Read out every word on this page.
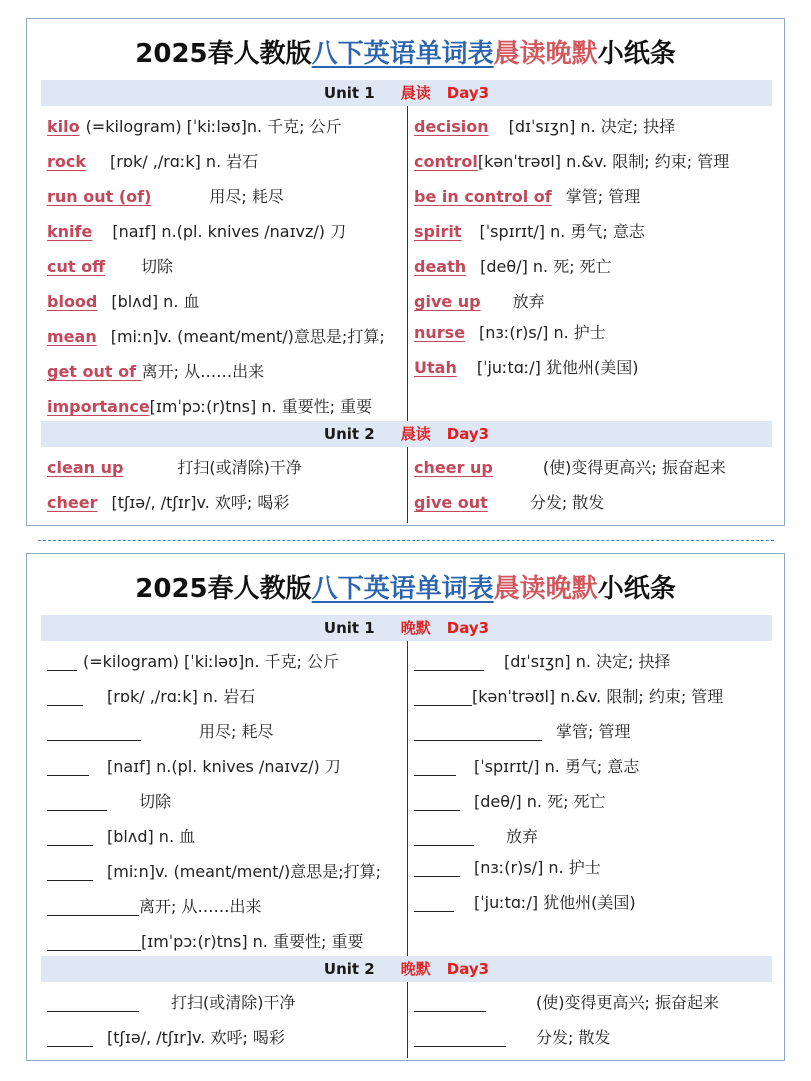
2025春人教版八下英语单词表晨读晚默小纸条
Unit 1 晨读 Day3
kilo (=kilogram) [ˈkiːləʊ]n. 千克; 公斤
rock [rɒk/ ,/rɑːk] n. 岩石
run out (of)	用尽; 耗尽
knife [naɪf] n.(pl. knives /naɪvz/) 刀
cut off 切除
blood [blʌd] n. 血
mean [miːn]v. (meant/ment/)意思是;打算;
get out of 离开; 从……出来
importance[ɪmˈpɔː(r)tns] n. 重要性; 重要
decision [dɪˈsɪʒn] n. 决定; 抉择
control[kənˈtrəʊl] n.&v. 限制; 约束; 管理
be in control of 掌管; 管理
spirit [ˈspɪrɪt/] n. 勇气; 意志
death [deθ/] n. 死; 死亡
give up 放弃
nurse [nɜː(r)s/] n. 护士
Utah [ˈjuːtɑː/] 犹他州(美国)
Unit 2 晨读 Day3
clean up	打扫(或清除)干净
cheer [tʃɪə/, /tʃɪr]v. 欢呼; 喝彩
cheer up	(使)变得更高兴; 振奋起来
give out	分发; 散发
2025春人教版八下英语单词表晨读晚默小纸条
Unit 1 晚默 Day3
(=kilogram) [ˈkiːləʊ]n. 千克; 公斤
[rɒk/ ,/rɑːk] n. 岩石
用尽; 耗尽
[naɪf] n.(pl. knives /naɪvz/) 刀
切除
[blʌd] n. 血
[miːn]v. (meant/ment/)意思是;打算;
离开; 从……出来
[ɪmˈpɔː(r)tns] n. 重要性; 重要
[dɪˈsɪʒn] n. 决定; 抉择
[kənˈtrəʊl] n.&v. 限制; 约束; 管理
掌管; 管理
[ˈspɪrɪt/] n. 勇气; 意志
[deθ/] n. 死; 死亡
放弃
[nɜː(r)s/] n. 护士
[ˈjuːtɑː/] 犹他州(美国)
Unit 2 晚默 Day3
打扫(或清除)干净
[tʃɪə/, /tʃɪr]v. 欢呼; 喝彩
(使)变得更高兴; 振奋起来
分发; 散发
